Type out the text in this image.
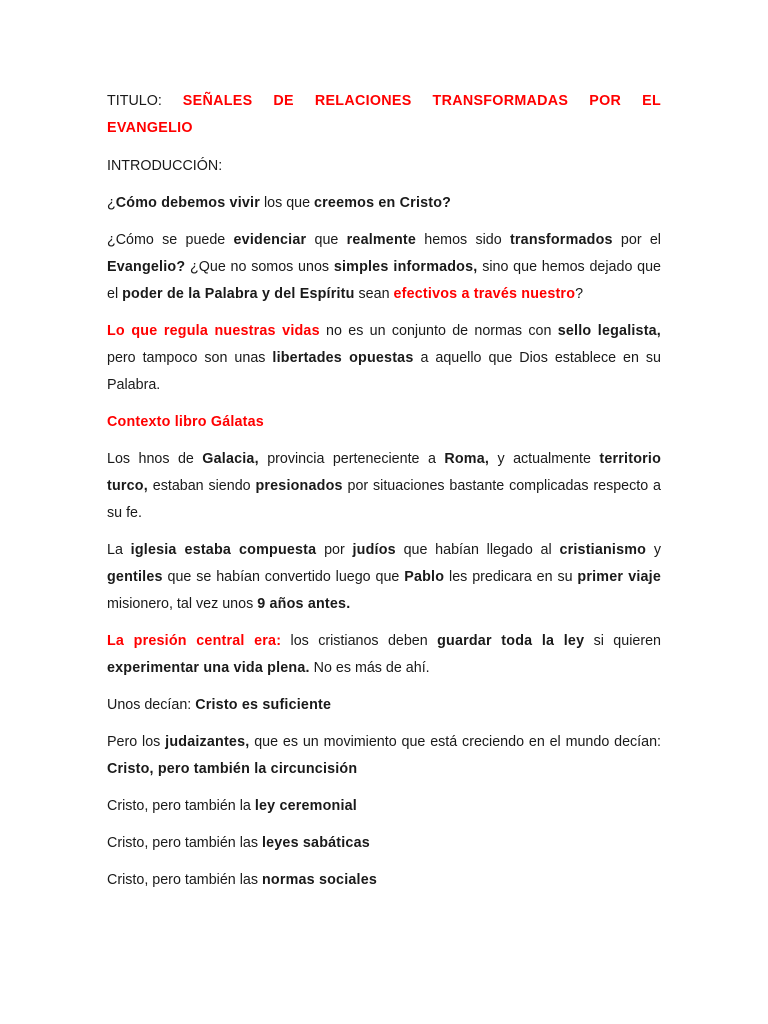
TITULO: SEÑALES DE RELACIONES TRANSFORMADAS POR EL
EVANGELIO

INTRODUCCIÓN:

¿Cómo debemos vivir los que creemos en Cristo?

¿Cómo se puede evidenciar que realmente hemos sido transformados por el Evangelio? ¿Que no somos unos simples informados, sino que hemos dejado que el poder de la Palabra y del Espíritu sean efectivos a través nuestro?

Lo que regula nuestras vidas no es un conjunto de normas con sello legalista, pero tampoco son unas libertades opuestas a aquello que Dios establece en su Palabra.

Contexto libro Gálatas

Los hnos de Galacia, provincia perteneciente a Roma, y actualmente territorio turco, estaban siendo presionados por situaciones bastante complicadas respecto a su fe.

La iglesia estaba compuesta por judíos que habían llegado al cristianismo y gentiles que se habían convertido luego que Pablo les predicara en su primer viaje misionero, tal vez unos 9 años antes.

La presión central era: los cristianos deben guardar toda la ley si quieren experimentar una vida plena. No es más de ahí.

Unos decían: Cristo es suficiente

Pero los judaizantes, que es un movimiento que está creciendo en el mundo decían: Cristo, pero también la circuncisión

Cristo, pero también la ley ceremonial

Cristo, pero también las leyes sabáticas

Cristo, pero también las normas sociales
